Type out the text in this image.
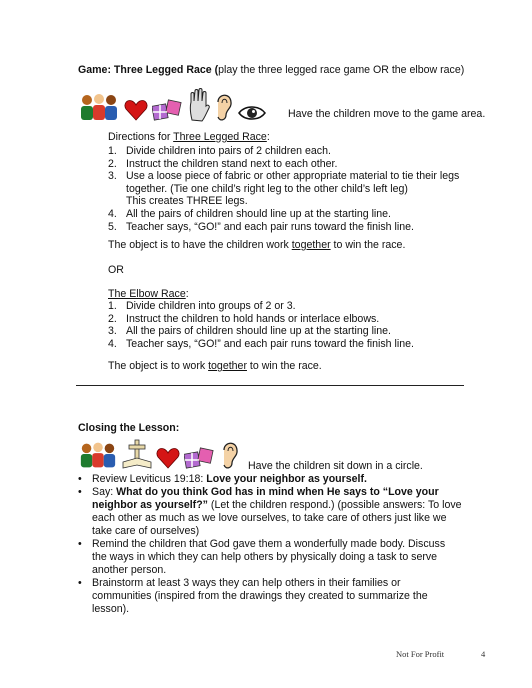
Game: Three Legged Race (play the three legged race game OR the elbow race)
Have the children move to the game area.
Directions for Three Legged Race:
1. Divide children into pairs of 2 children each.
2. Instruct the children stand next to each other.
3. Use a loose piece of fabric or other appropriate material to tie their legs
together. (Tie one child’s right leg to the other child’s left leg)
This creates THREE legs.
4. All the pairs of children should line up at the starting line.
5. Teacher says, “GO!” and each pair runs toward the finish line.
The object is to have the children work together to win the race.
OR
The Elbow Race:
1. Divide children into groups of 2 or 3.
2. Instruct the children to hold hands or interlace elbows.
3. All the pairs of children should line up at the starting line.
4. Teacher says, “GO!” and each pair runs toward the finish line.
The object is to work together to win the race.
Closing the Lesson:
Have the children sit down in a circle.
• Review Leviticus 19:18: Love your neighbor as yourself.
• Say: What do you think God has in mind when He says to “Love your neighbor as yourself?” (Let the children respond.) (possible answers: To love each other as much as we love ourselves, to take care of others just like we take care of ourselves)
• Remind the children that God gave them a wonderfully made body. Discuss the ways in which they can help others by physically doing a task to serve another person.
• Brainstorm at least 3 ways they can help others in their families or communities (inspired from the drawings they created to summarize the lesson).
Not For Profit	4
